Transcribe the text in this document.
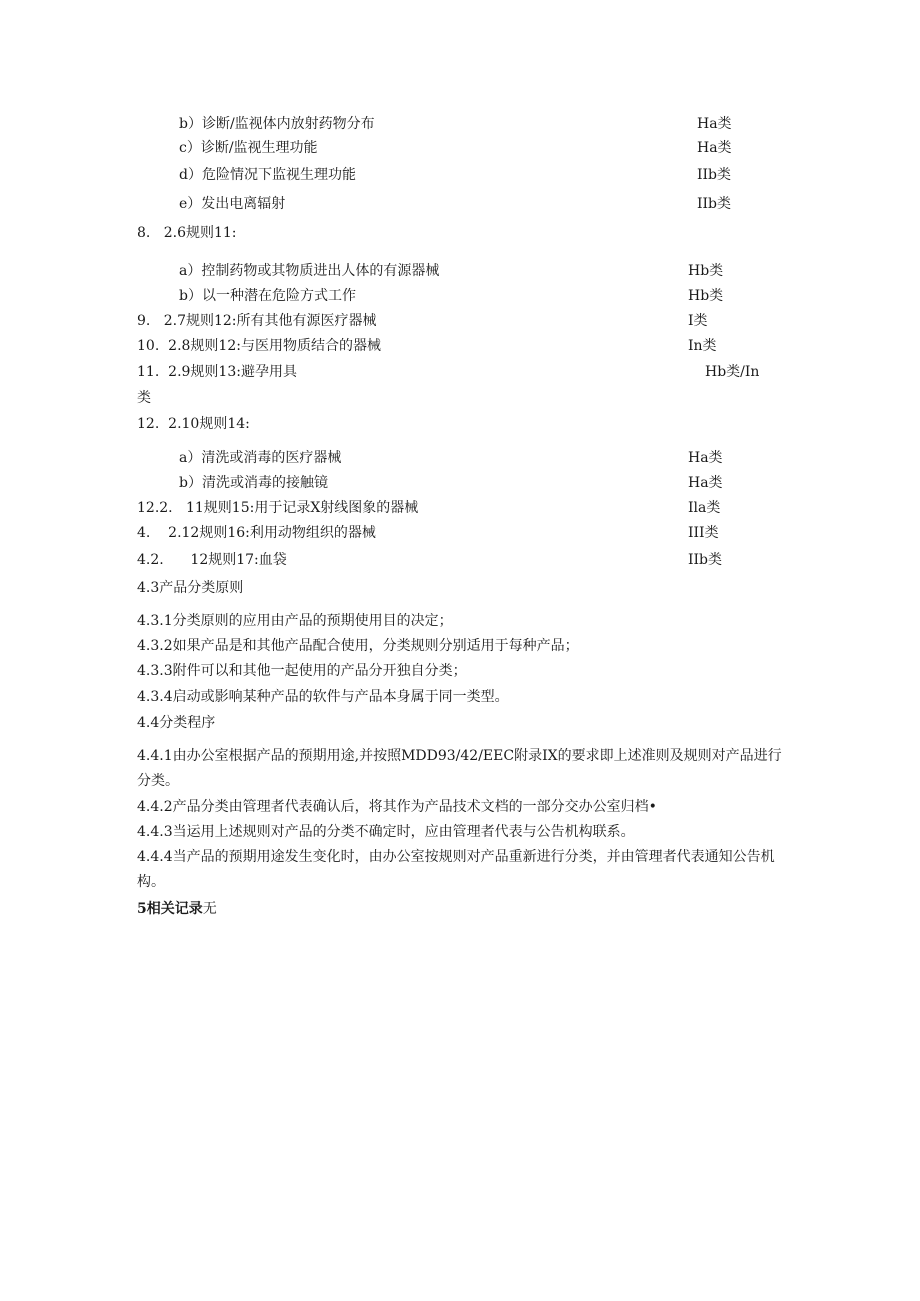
b）诊断/监视体内放射药物分布	Ha类
c）诊断/监视生理功能	Ha类
d）危险情况下监视生理功能	IIb类
e）发出电离辐射	IIb类
8.   2.6规则11:
a）控制药物或其物质进出人体的有源器械	Hb类
b）以一种潜在危险方式工作	Hb类
9.   2.7规则12:所有其他有源医疗器械	I类
10.  2.8规则12:与医用物质结合的器械	In类
11.  2.9规则13:避孕用具	Hb类/In
类
12.  2.10规则14:
a）清洗或消毒的医疗器械	Ha类
b）清洗或消毒的接触镜	Ha类
12.2.   11规则15:用于记录X射线图象的器械	Ila类
4.    2.12规则16:利用动物组织的器械	III类
4.2.      12规则17:血袋	IIb类
4.3产品分类原则
4.3.1分类原则的应用由产品的预期使用目的决定；
4.3.2如果产品是和其他产品配合使用，分类规则分别适用于每种产品；
4.3.3附件可以和其他一起使用的产品分开独自分类；
4.3.4启动或影响某种产品的软件与产品本身属于同一类型。
4.4分类程序
4.4.1由办公室根据产品的预期用途,并按照MDD93/42/EEC附录IX的要求即上述准则及规则对产品进行分类。
4.4.2产品分类由管理者代表确认后，将其作为产品技术文档的一部分交办公室归档•
4.4.3当运用上述规则对产品的分类不确定时，应由管理者代表与公告机构联系。
4.4.4当产品的预期用途发生变化时，由办公室按规则对产品重新进行分类，并由管理者代表通知公告机构。
5相关记录无
